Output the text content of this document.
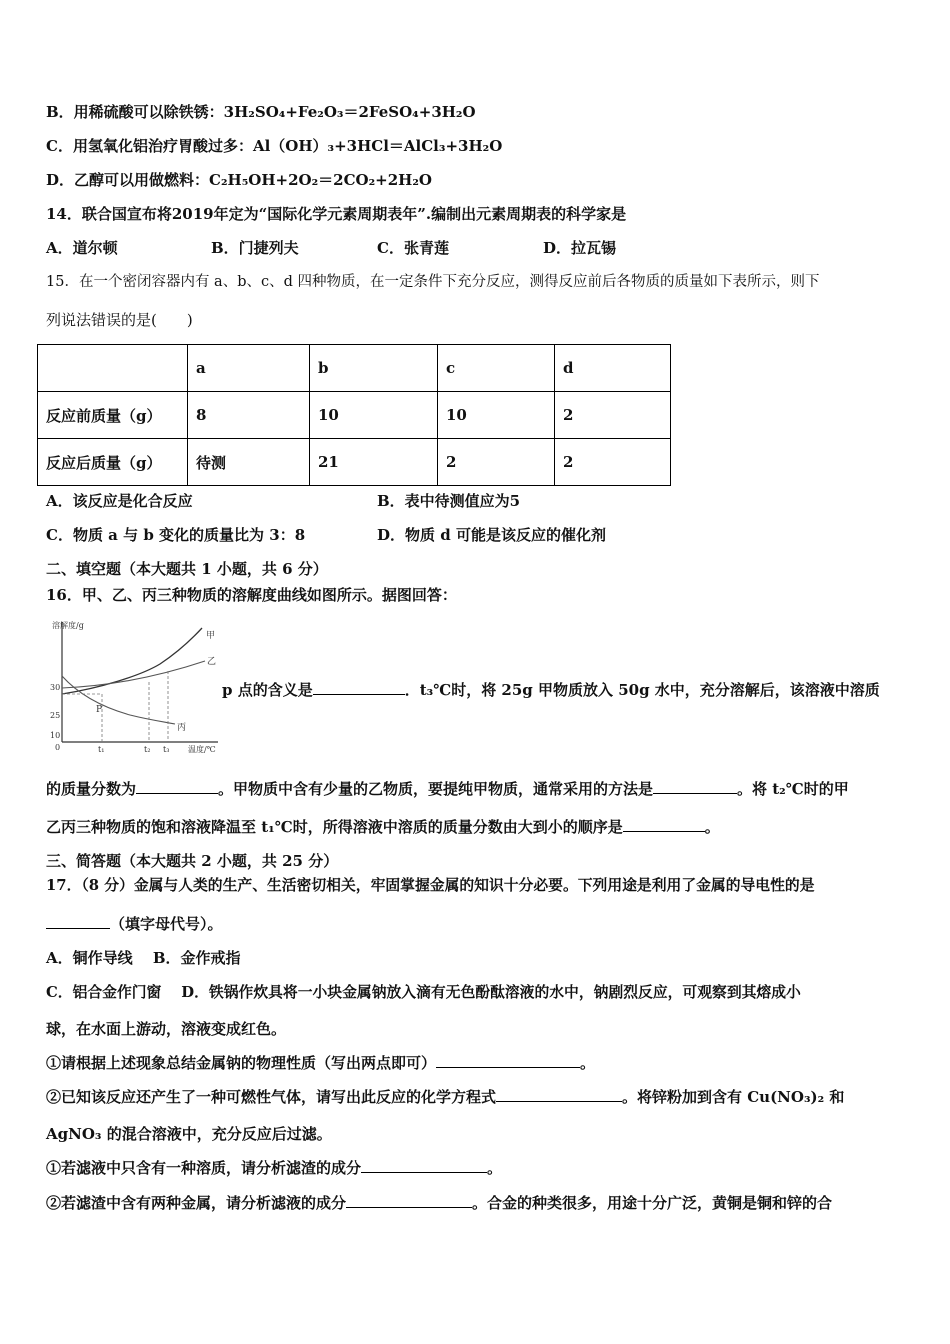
B．用稀硫酸可以除铁锈：3H₂SO₄+Fe₂O₃＝2FeSO₄+3H₂O
C．用氢氧化铝治疗胃酸过多：Al（OH）₃+3HCl＝AlCl₃+3H₂O
D．乙醇可以用做燃料：C₂H₅OH+2O₂＝2CO₂+2H₂O
14．联合国宣布将2019年定为“国际化学元素周期表年”.编制出元素周期表的科学家是
A．道尔顿	B．门捷列夫	C．张青莲	D．拉瓦锡
15．在一个密闭容器内有 a、b、c、d 四种物质，在一定条件下充分反应，测得反应前后各物质的质量如下表所示，则下
列说法错误的是(　　)
	a	b	c	d
反应前质量（g）	8	10	10	2
反应后质量（g）	待测	21	2	2
A．该反应是化合反应	B．表中待测值应为5
C．物质 a 与 b 变化的质量比为 3：8	D．物质 d 可能是该反应的催化剂
二、填空题（本大题共 1 小题，共 6 分）
16．甲、乙、丙三种物质的溶解度曲线如图所示。据图回答：
溶解度/g
温度/℃
甲
乙
丙
P
t₁	t₂ t₃
30
25
10
0
p 点的含义是	．t₃℃时，将 25g 甲物质放入 50g 水中，充分溶解后，该溶液中溶质
的质量分数为	。甲物质中含有少量的乙物质，要提纯甲物质，通常采用的方法是	。将 t₂℃时的甲
乙丙三种物质的饱和溶液降温至 t₁℃时，所得溶液中溶质的质量分数由大到小的顺序是	。
三、简答题（本大题共 2 小题，共 25 分）
17．（8 分）金属与人类的生产、生活密切相关，牢固掌握金属的知识十分必要。下列用途是利用了金属的导电性的是
（填字母代号）。
A．铜作导线　 B．金作戒指
C．铝合金作门窗　 D．铁锅作炊具将一小块金属钠放入滴有无色酚酞溶液的水中，钠剧烈反应，可观察到其熔成小
球，在水面上游动，溶液变成红色。
①请根据上述现象总结金属钠的物理性质（写出两点即可）	。
②已知该反应还产生了一种可燃性气体，请写出此反应的化学方程式	。将锌粉加到含有 Cu(NO₃)₂ 和
AgNO₃ 的混合溶液中，充分反应后过滤。
①若滤液中只含有一种溶质，请分析滤渣的成分	。
②若滤渣中含有两种金属，请分析滤液的成分	。合金的种类很多，用途十分广泛，黄铜是铜和锌的合
